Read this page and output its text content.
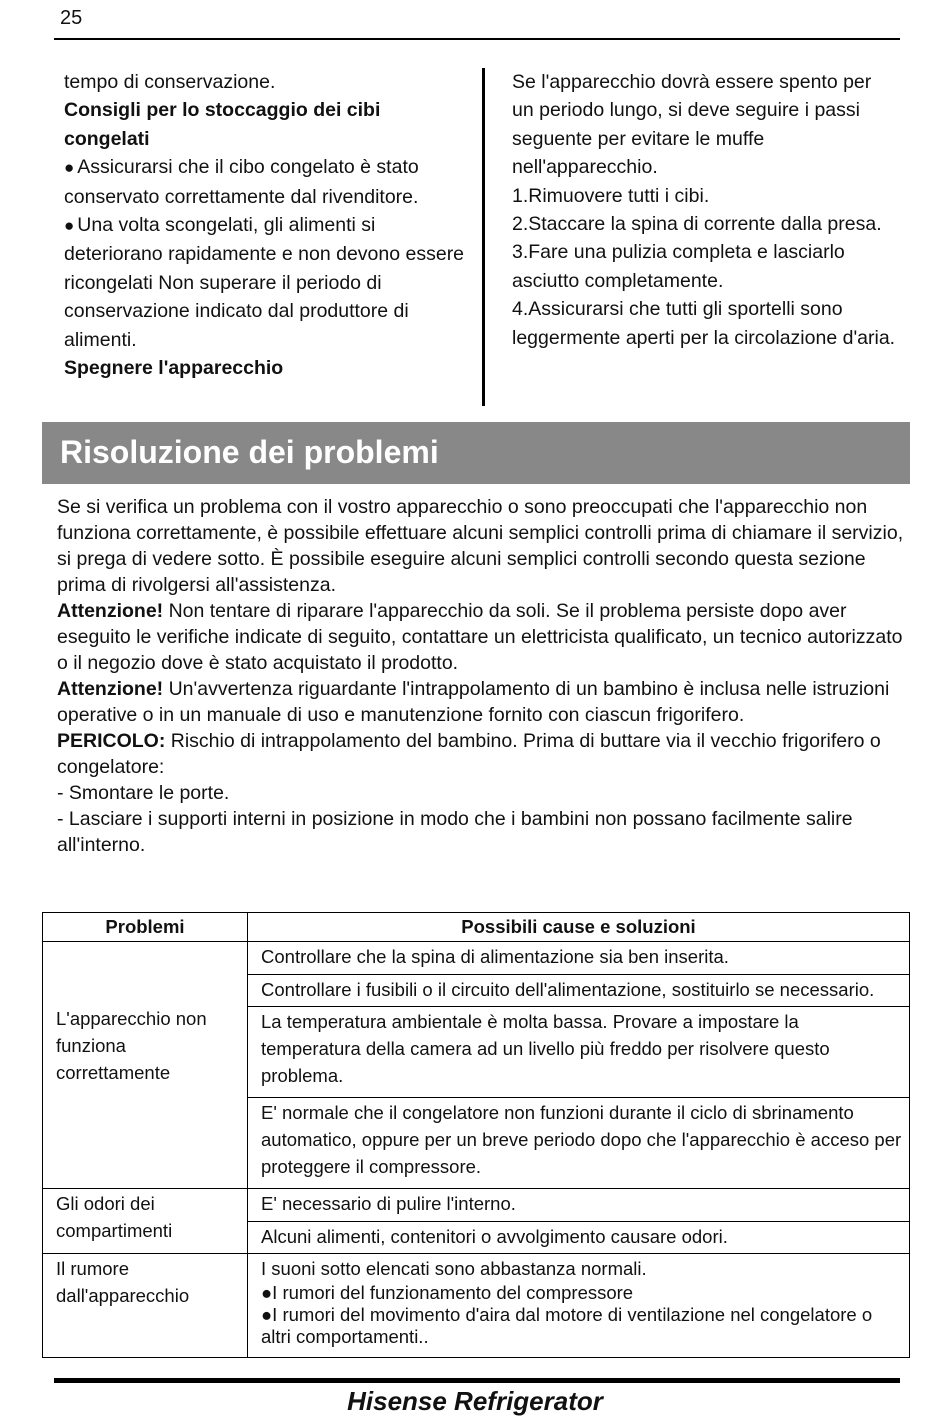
25

tempo di conservazione.

Consigli per lo stoccaggio dei cibi congelati

● Assicurarsi che il cibo congelato è stato conservato correttamente dal rivenditore.

● Una volta scongelati, gli alimenti si deteriorano rapidamente e non devono essere ricongelati Non superare il periodo di conservazione indicato dal produttore di alimenti.

Spegnere l'apparecchio

Se l'apparecchio dovrà essere spento per un periodo lungo, si deve seguire i passi seguente per evitare le muffe nell'apparecchio.

1.Rimuovere tutti i cibi.

2.Staccare la spina di corrente dalla presa.

3.Fare una pulizia completa e lasciarlo asciutto completamente.

4.Assicurarsi che tutti gli sportelli sono leggermente aperti per la circolazione d'aria.

Risoluzione dei problemi

Se si verifica un problema con il vostro apparecchio o sono preoccupati che l'apparecchio non funziona correttamente, è possibile effettuare alcuni semplici controlli prima di chiamare il servizio, si prega di vedere sotto. È possibile eseguire alcuni semplici controlli secondo questa sezione prima di rivolgersi all'assistenza.

Attenzione! Non tentare di riparare l'apparecchio da soli. Se il problema persiste dopo aver eseguito le verifiche indicate di seguito, contattare un elettricista qualificato, un tecnico autorizzato o il negozio dove è stato acquistato il prodotto.

Attenzione! Un'avvertenza riguardante l'intrappolamento di un bambino è inclusa nelle istruzioni operative o in un manuale di uso e manutenzione fornito con ciascun frigorifero.

PERICOLO: Rischio di intrappolamento del bambino. Prima di buttare via il vecchio frigorifero o congelatore:

- Smontare le porte.

- Lasciare i supporti interni in posizione in modo che i bambini non possano facilmente salire all'interno.

Problemi	Possibili cause e soluzioni
L'apparecchio non funziona correttamente	Controllare che la spina di alimentazione sia ben inserita.
	Controllare i fusibili o il circuito dell'alimentazione, sostituirlo se necessario.
	La temperatura ambientale è molta bassa. Provare a impostare la temperatura della camera ad un livello più freddo per risolvere questo problema.
	E' normale che il congelatore non funzioni durante il ciclo di sbrinamento automatico, oppure per un breve periodo dopo che l'apparecchio è acceso per proteggere il compressore.
Gli odori dei compartimenti	E' necessario di pulire l'interno.
	Alcuni alimenti, contenitori o avvolgimento causare odori.
Il rumore dall'apparecchio	I suoni sotto elencati sono abbastanza normali.
●I rumori del funzionamento del compressore
●I rumori del movimento d'aira dal motore di ventilazione nel congelatore o altri comportamenti..
Hisense Refrigerator
